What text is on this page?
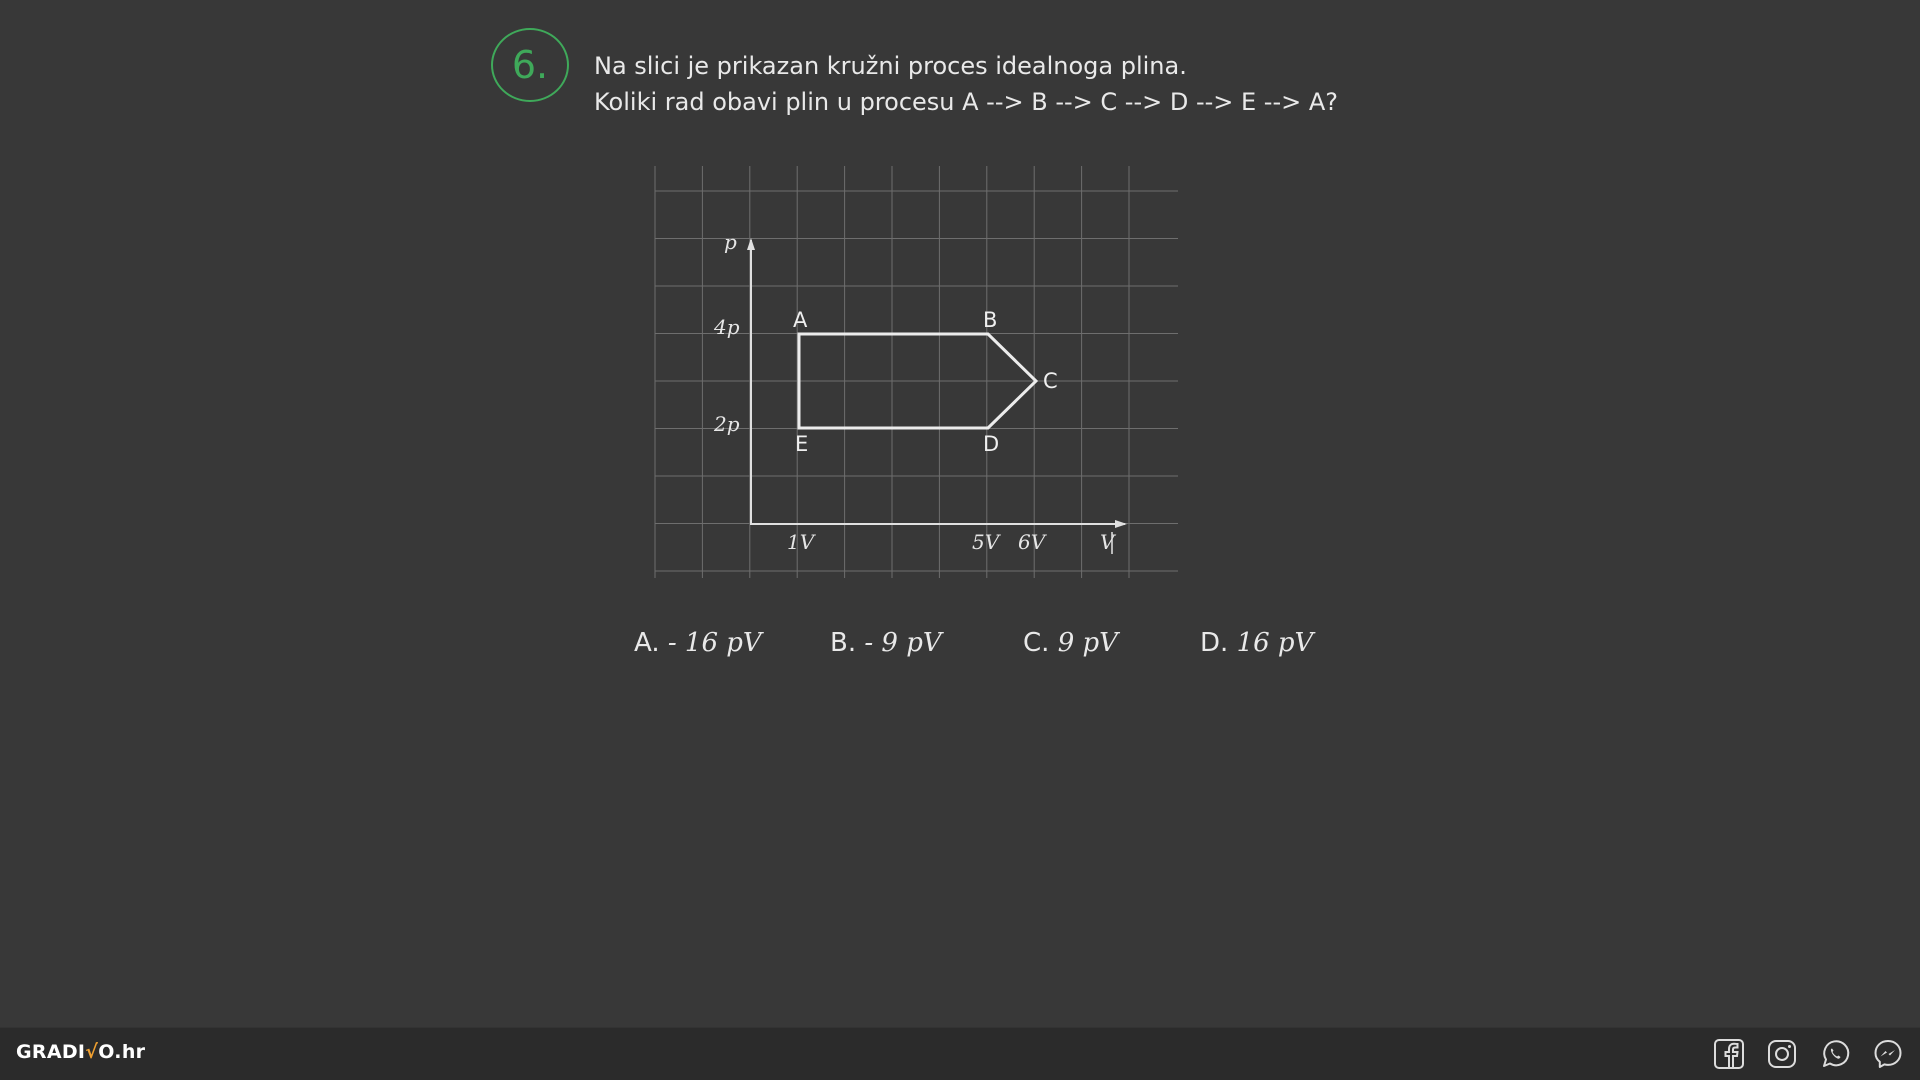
6.	Na slici je prikazan kružni proces idealnoga plina.
Koliki rad obavi plin u procesu A --> B --> C --> D --> E --> A?
p
4p
2p
1V	5V 6V	V
A	B
C
D
E
A. - 16 pV	B. - 9 pV	C. 9 pV	D. 16 pV
GRADI√O.hr
